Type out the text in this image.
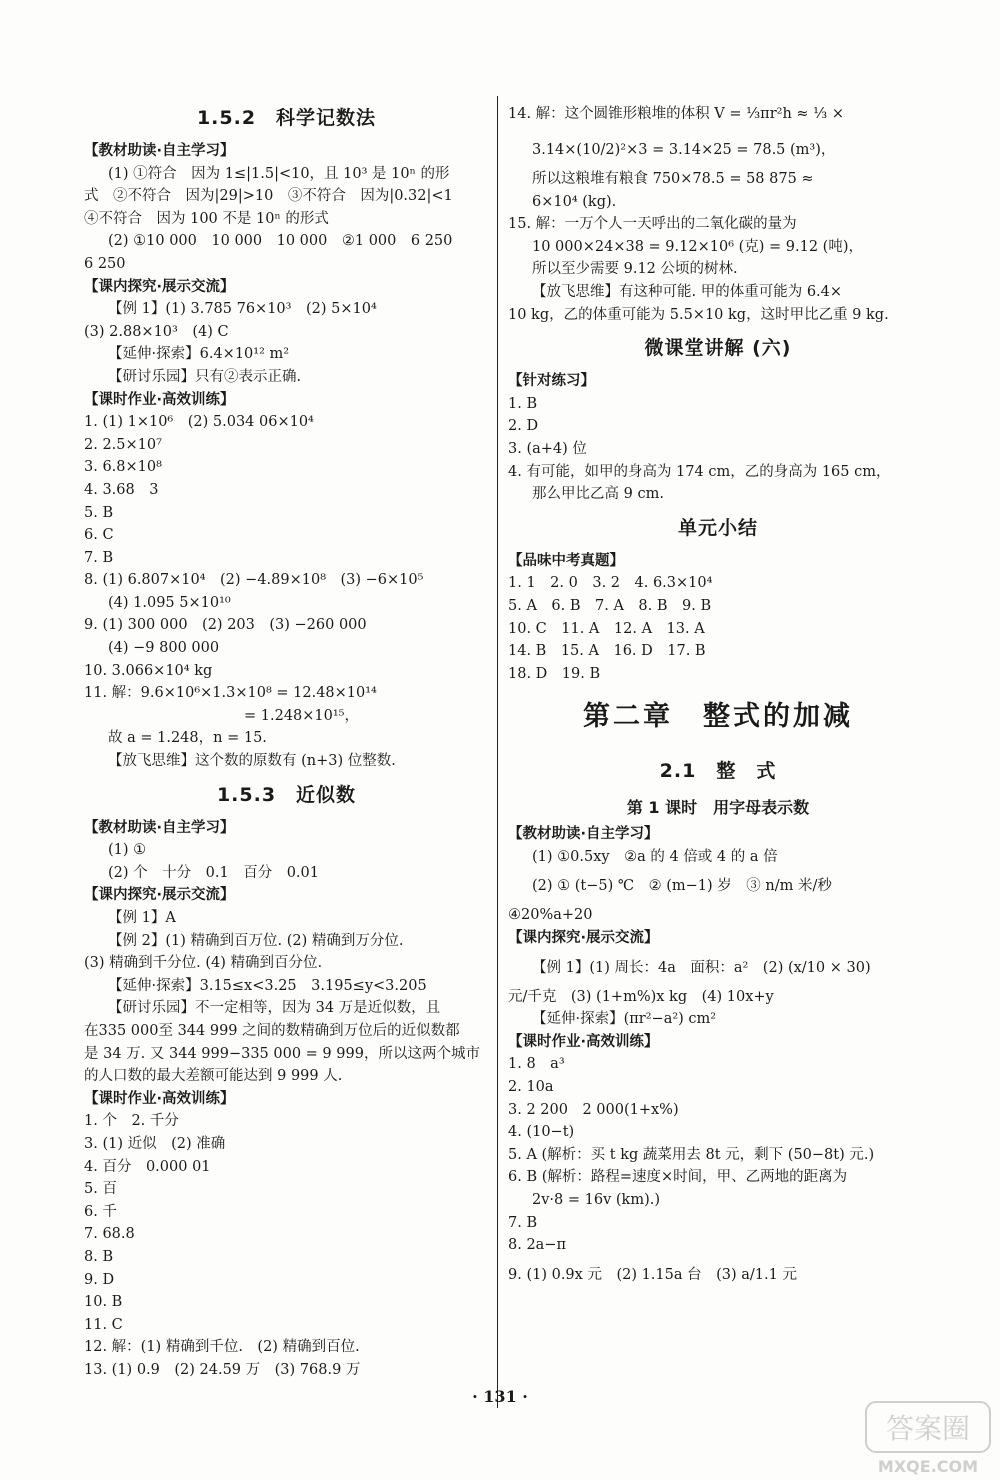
1.5.2　科学记数法
【教材助读·自主学习】
(1) ①符合　因为 1≤|1.5|<10，且 10³ 是 10ⁿ 的形
式　②不符合　因为|29|>10　③不符合　因为|0.32|<1
④不符合　因为 100 不是 10ⁿ 的形式
(2) ①10 000　10 000　10 000　②1 000　6 250
6 250
【课内探究·展示交流】
【例 1】(1) 3.785 76×10³　(2) 5×10⁴
(3) 2.88×10³　(4) C
【延伸·探索】6.4×10¹² m²
【研讨乐园】只有②表示正确.
【课时作业·高效训练】
1. (1) 1×10⁶　(2) 5.034 06×10⁴
2. 2.5×10⁷
3. 6.8×10⁸
4. 3.68　3
5. B
6. C
7. B
8. (1) 6.807×10⁴　(2) −4.89×10⁸　(3) −6×10⁵
(4) 1.095 5×10¹⁰
9. (1) 300 000　(2) 203　(3) −260 000
(4) −9 800 000
10. 3.066×10⁴ kg
11. 解：9.6×10⁶×1.3×10⁸ = 12.48×10¹⁴
= 1.248×10¹⁵，
故 a = 1.248，n = 15.
【放飞思维】这个数的原数有 (n+3) 位整数.
1.5.3　近似数
【教材助读·自主学习】
(1) ①
(2) 个　十分　0.1　百分　0.01
【课内探究·展示交流】
【例 1】A
【例 2】(1) 精确到百万位. (2) 精确到万分位.
(3) 精确到千分位. (4) 精确到百分位.
【延伸·探索】3.15≤x<3.25　3.195≤y<3.205
【研讨乐园】不一定相等，因为 34 万是近似数，且
在335 000至 344 999 之间的数精确到万位后的近似数都
是 34 万. 又 344 999−335 000 = 9 999，所以这两个城市
的人口数的最大差额可能达到 9 999 人.
【课时作业·高效训练】
1. 个　2. 千分
3. (1) 近似　(2) 准确
4. 百分　0.000 01
5. 百
6. 千
7. 68.8
8. B
9. D
10. B
11. C
12. 解：(1) 精确到千位.　(2) 精确到百位.
13. (1) 0.9　(2) 24.59 万　(3) 768.9 万
14. 解：这个圆锥形粮堆的体积 V = ⅓πr²h ≈ ⅓ ×
3.14×(10/2)²×3 = 3.14×25 = 78.5 (m³)，
所以这粮堆有粮食 750×78.5 = 58 875 ≈
6×10⁴ (kg).
15. 解：一万个人一天呼出的二氧化碳的量为
10 000×24×38 = 9.12×10⁶ (克) = 9.12 (吨)，
所以至少需要 9.12 公顷的树林.
【放飞思维】有这种可能. 甲的体重可能为 6.4×
10 kg，乙的体重可能为 5.5×10 kg，这时甲比乙重 9 kg.
微课堂讲解 (六)
【针对练习】
1. B
2. D
3. (a+4) 位
4. 有可能，如甲的身高为 174 cm，乙的身高为 165 cm，
那么甲比乙高 9 cm.
单元小结
【品味中考真题】
1. 1　2. 0　3. 2　4. 6.3×10⁴
5. A　6. B　7. A　8. B　9. B
10. C　11. A　12. A　13. A
14. B　15. A　16. D　17. B
18. D　19. B
第二章　整式的加减
2.1　整　式
第 1 课时　用字母表示数
【教材助读·自主学习】
(1) ①0.5xy　②a 的 4 倍或 4 的 a 倍
(2) ① (t−5) ℃　② (m−1) 岁　③ n/m 米/秒
④20%a+20
【课内探究·展示交流】
【例 1】(1) 周长：4a　面积：a²　(2) (x/10 × 30)
元/千克　(3) (1+m%)x kg　(4) 10x+y
【延伸·探索】(πr²−a²) cm²
【课时作业·高效训练】
1. 8　a³
2. 10a
3. 2 200　2 000(1+x%)
4. (10−t)
5. A (解析：买 t kg 蔬菜用去 8t 元，剩下 (50−8t) 元.)
6. B (解析：路程=速度×时间，甲、乙两地的距离为
2v·8 = 16v (km).)
7. B
8. 2a−π
9. (1) 0.9x 元　(2) 1.15a 台　(3) a/1.1 元
· 131 ·
答案圈
MXQE.COM
